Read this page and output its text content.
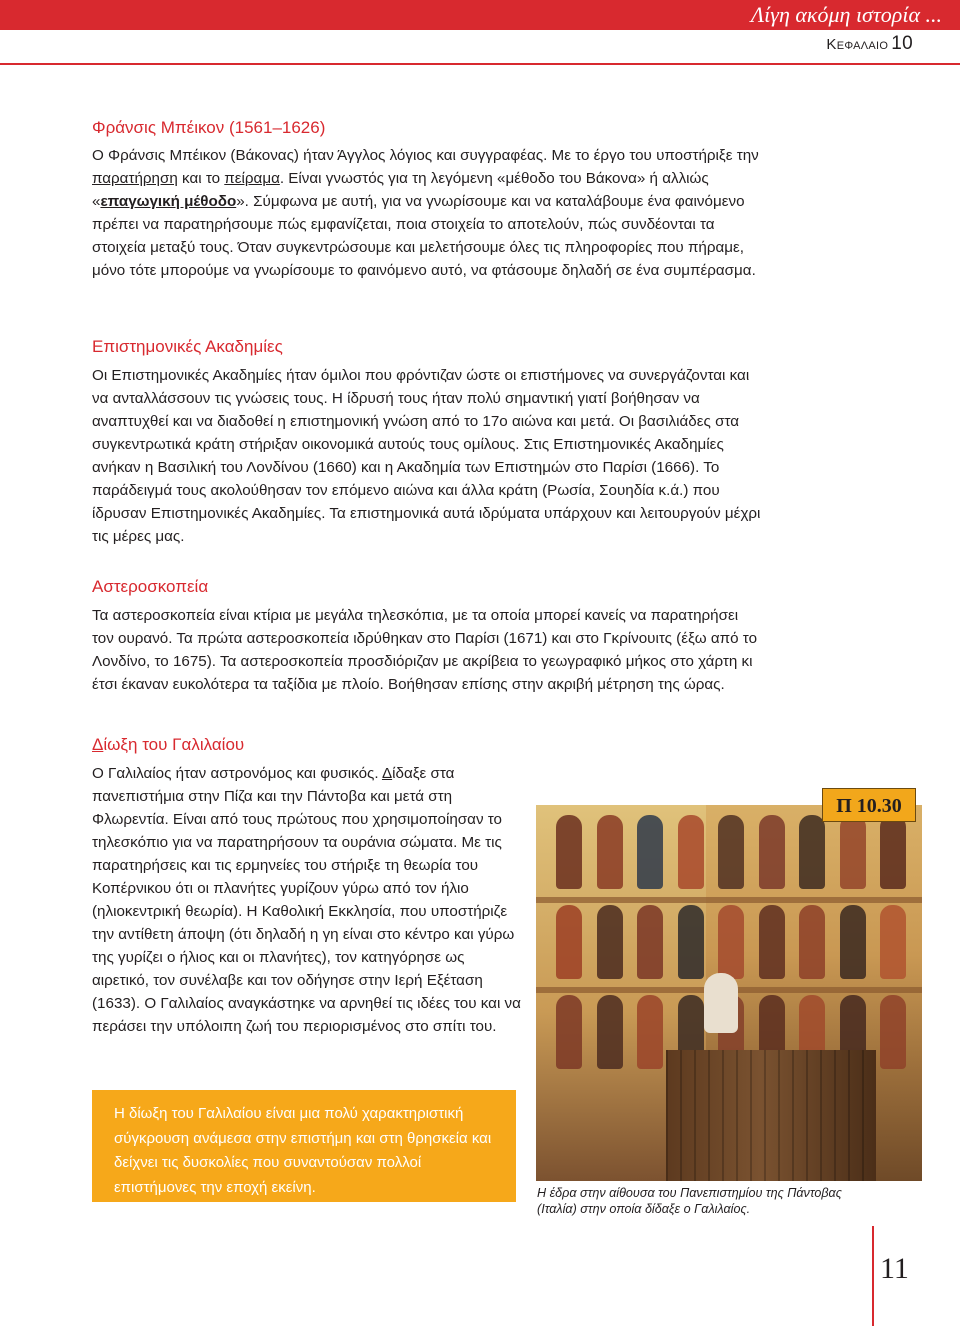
Λίγη ακόμη ιστορία ...
Κεφαλαιο 10
Φράνσις Μπέικον (1561–1626)

Ο Φράνσις Μπέικον (Βάκονας) ήταν Άγγλος λόγιος και συγγραφέας. Με το έργο του υποστήριξε την παρατήρηση και το πείραμα. Είναι γνωστός για τη λεγόμενη «μέθοδο του Βάκονα» ή αλλιώς «επαγωγική μέθοδο». Σύμφωνα με αυτή, για να γνωρίσουμε και να καταλάβουμε ένα φαινόμενο πρέπει να παρατηρήσουμε πώς εμφανίζεται, ποια στοιχεία το αποτελούν, πώς συνδέονται τα στοιχεία μεταξύ τους. Όταν συγκεντρώσουμε και μελετήσουμε όλες τις πληροφορίες που πήραμε, μόνο τότε μπορούμε να γνωρίσουμε το φαινόμενο αυτό, να φτάσουμε δηλαδή σε ένα συμπέρασμα.

Επιστημονικές Ακαδημίες

Οι Επιστημονικές Ακαδημίες ήταν όμιλοι που φρόντιζαν ώστε οι επιστήμονες να συνεργάζονται και να ανταλλάσσουν τις γνώσεις τους. Η ίδρυσή τους ήταν πολύ σημαντική γιατί βοήθησαν να αναπτυχθεί και να διαδοθεί η επιστημονική γνώση από το 17ο αιώνα και μετά. Οι βασιλιάδες στα συγκεντρωτικά κράτη στήριξαν οικονομικά αυτούς τους ομίλους. Στις Επιστημονικές Ακαδημίες ανήκαν η Βασιλική του Λονδίνου (1660) και η Ακαδημία των Επιστημών στο Παρίσι (1666). Το παράδειγμά τους ακολούθησαν τον επόμενο αιώνα και άλλα κράτη (Ρωσία, Σουηδία κ.ά.) που ίδρυσαν Επιστημονικές Ακαδημίες. Τα επιστημονικά αυτά ιδρύματα υπάρχουν και λειτουργούν μέχρι τις μέρες μας.

Αστεροσκοπεία

Τα αστεροσκοπεία είναι κτίρια με μεγάλα τηλεσκόπια, με τα οποία μπορεί κανείς να παρατηρήσει τον ουρανό. Τα πρώτα αστεροσκοπεία ιδρύθηκαν στο Παρίσι (1671) και στο Γκρίνουιτς (έξω από το Λονδίνο, το 1675). Τα αστεροσκοπεία προσδιόριζαν με ακρίβεια το γεωγραφικό μήκος στο χάρτη κι έτσι έκαναν ευκολότερα τα ταξίδια με πλοίο. Βοήθησαν επίσης στην ακριβή μέτρηση της ώρας.

Δίωξη του Γαλιλαίου

Ο Γαλιλαίος ήταν αστρονόμος και φυσικός. Δίδαξε στα πανεπιστήμια στην Πίζα και την Πάντοβα και μετά στη Φλωρεντία. Είναι από τους πρώτους που χρησιμοποίησαν το τηλεσκόπιο για να παρατηρήσουν τα ουράνια σώματα. Με τις παρατηρήσεις και τις ερμηνείες του στήριξε τη θεωρία του Κοπέρνικου ότι οι πλανήτες γυρίζουν γύρω από τον ήλιο (ηλιοκεντρική θεωρία). Η Καθολική Εκκλησία, που υποστήριζε την αντίθετη άποψη (ότι δηλαδή η γη είναι στο κέντρο και γύρω της γυρίζει ο ήλιος και οι πλανήτες), τον κατηγόρησε ως αιρετικό, τον συνέλαβε και τον οδήγησε στην Ιερή Εξέταση (1633). Ο Γαλιλαίος αναγκάστηκε να αρνηθεί τις ιδέες του και να περάσει την υπόλοιπη ζωή του περιορισμένος στο σπίτι του.

Π 10.30

Η έδρα στην αίθουσα του Πανεπιστημίου της Πάντοβας (Ιταλία) στην οποία δίδαξε ο Γαλιλαίος.

Η δίωξη του Γαλιλαίου είναι μια πολύ χαρακτηριστική σύγκρουση ανάμεσα στην επιστήμη και στη θρησκεία και δείχνει τις δυσκολίες που συναντούσαν πολλοί επιστήμονες την εποχή εκείνη.

11
